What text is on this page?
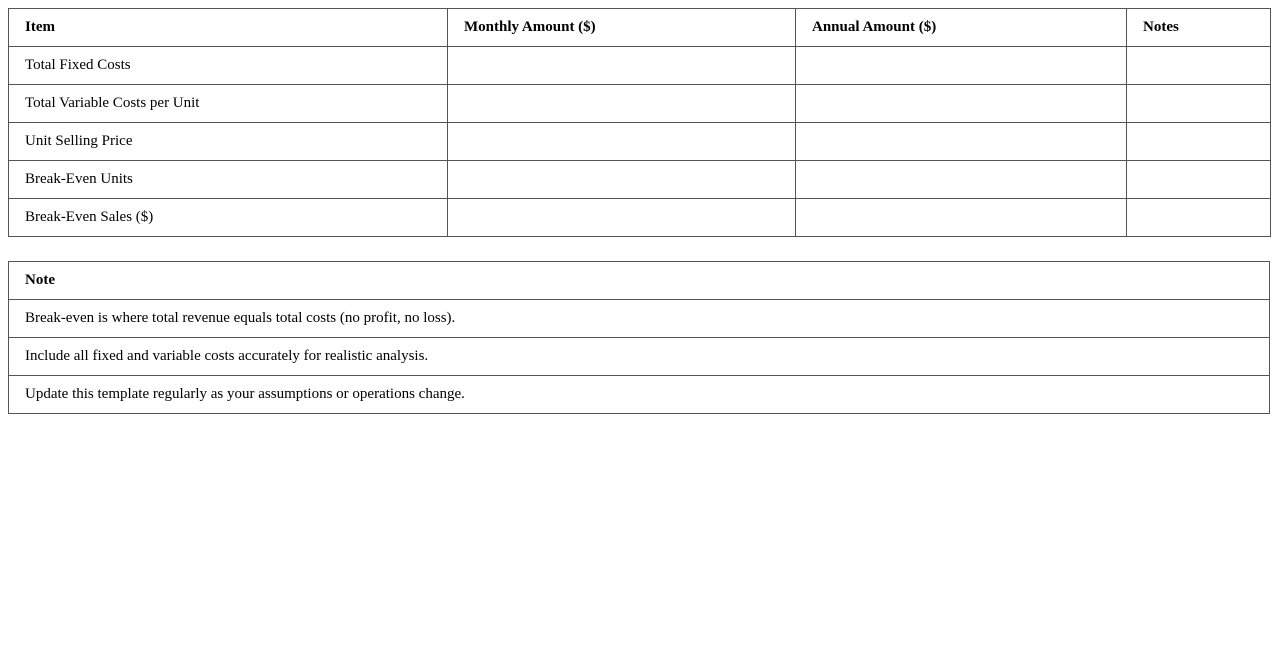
Item	Monthly Amount ($)	Annual Amount ($)	Notes
Total Fixed Costs			
Total Variable Costs per Unit			
Unit Selling Price			
Break-Even Units			
Break-Even Sales ($)			
Note
Break-even is where total revenue equals total costs (no profit, no loss).
Include all fixed and variable costs accurately for realistic analysis.
Update this template regularly as your assumptions or operations change.
